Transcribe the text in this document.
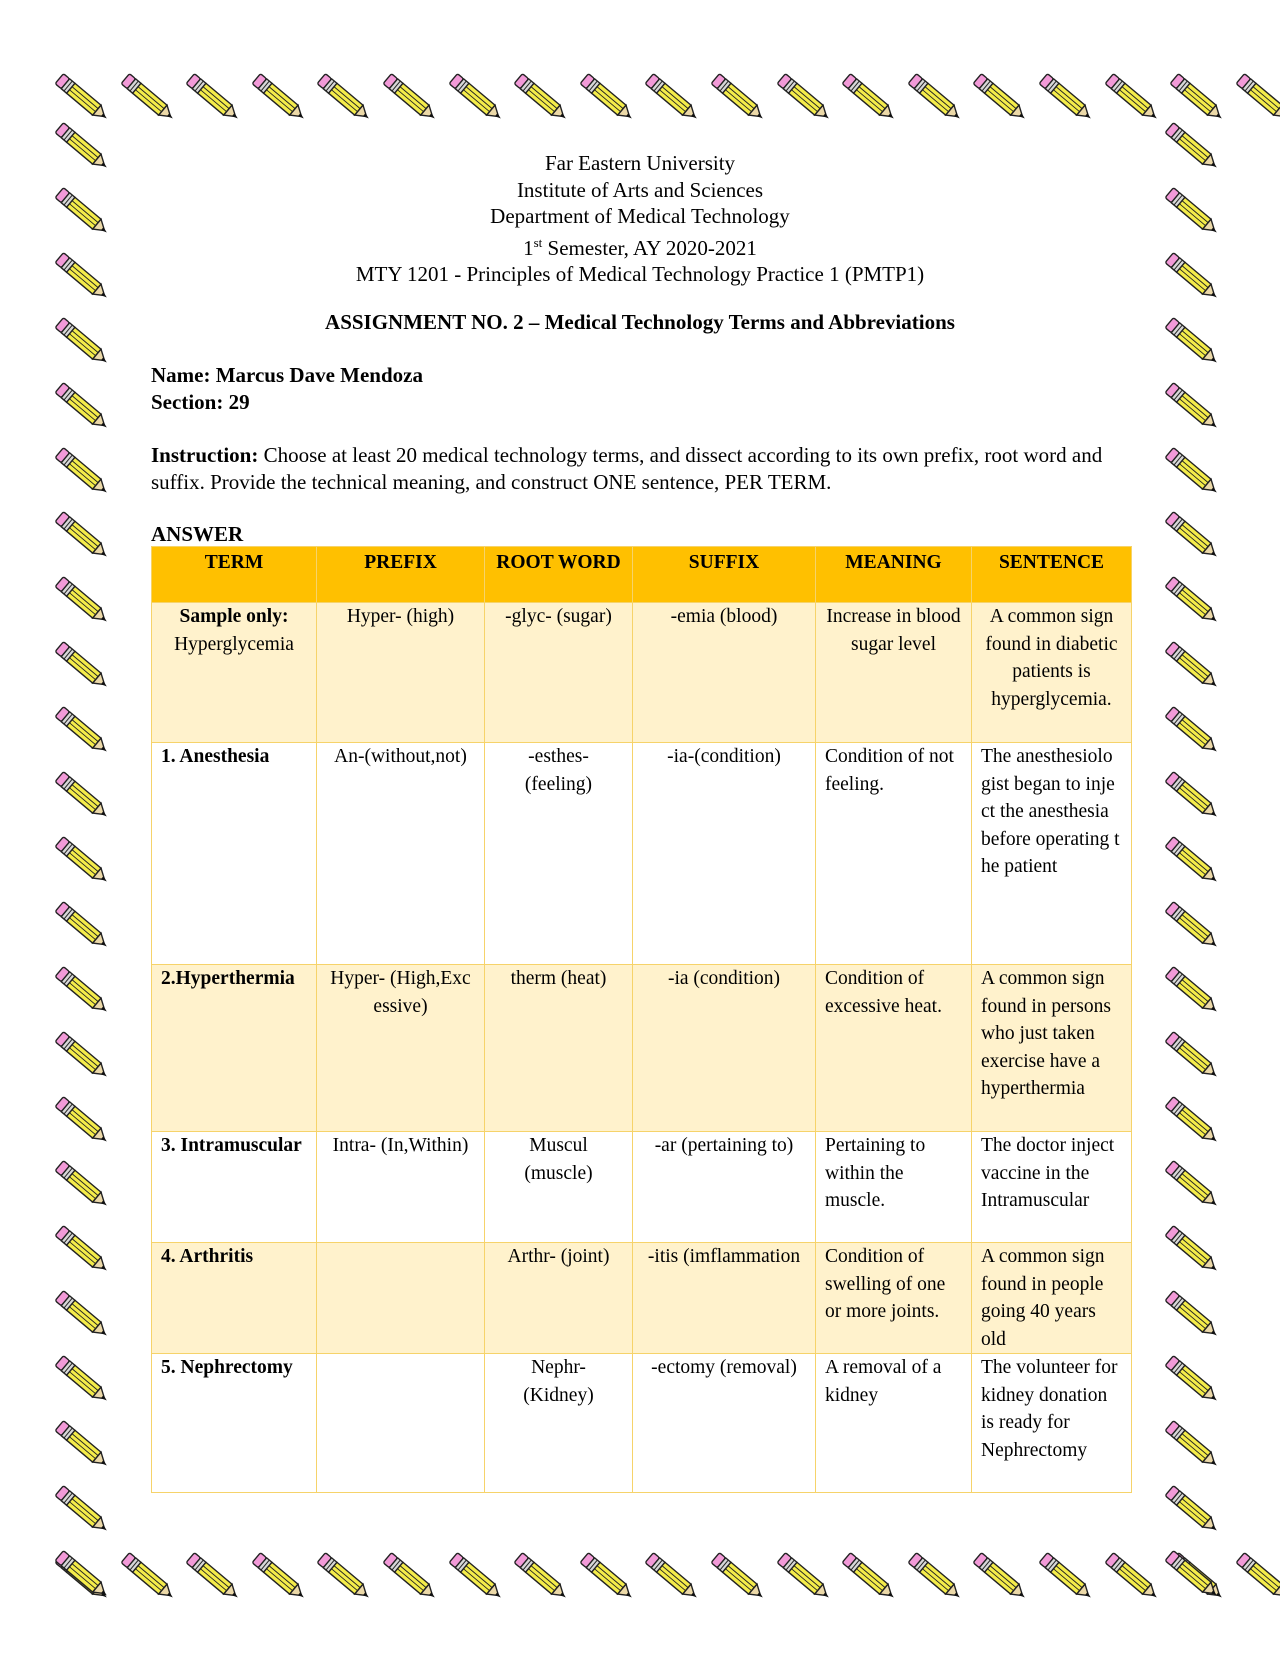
Far Eastern University
Institute of Arts and Sciences
Department of Medical Technology
1st Semester, AY 2020-2021
MTY 1201 - Principles of Medical Technology Practice 1 (PMTP1)
ASSIGNMENT NO. 2 – Medical Technology Terms and Abbreviations
Name: Marcus Dave Mendoza
Section: 29
Instruction: Choose at least 20 medical technology terms, and dissect according to its own prefix, root word and suffix. Provide the technical meaning, and construct ONE sentence, PER TERM.
ANSWER
TERM	PREFIX	ROOT WORD	SUFFIX	MEANING	SENTENCE

Sample only:
Hyperglycemia	Hyper- (high)	-glyc- (sugar)	-emia (blood)	Increase in blood sugar level	A common sign found in diabetic patients is hyperglycemia.
1. Anesthesia	An-(without,not)	-esthes- (feeling)	-ia-(condition)	Condition of not feeling.	The anesthesiologist began to inject the anesthesia before operating the patient
2.Hyperthermia	Hyper- (High,Excessive)	therm (heat)	-ia (condition)	Condition of excessive heat.	A common sign found in persons who just taken exercise have a hyperthermia
3. Intramuscular	Intra- (In,Within)	Muscul (muscle)	-ar (pertaining to)	Pertaining to within the muscle.	The doctor inject vaccine in the Intramuscular
4. Arthritis		Arthr- (joint)	-itis (imflammation	Condition of swelling of one or more joints.	A common sign found in people going 40 years old
5. Nephrectomy		Nephr- (Kidney)	-ectomy (removal)	A removal of a kidney	The volunteer for kidney donation is ready for Nephrectomy
